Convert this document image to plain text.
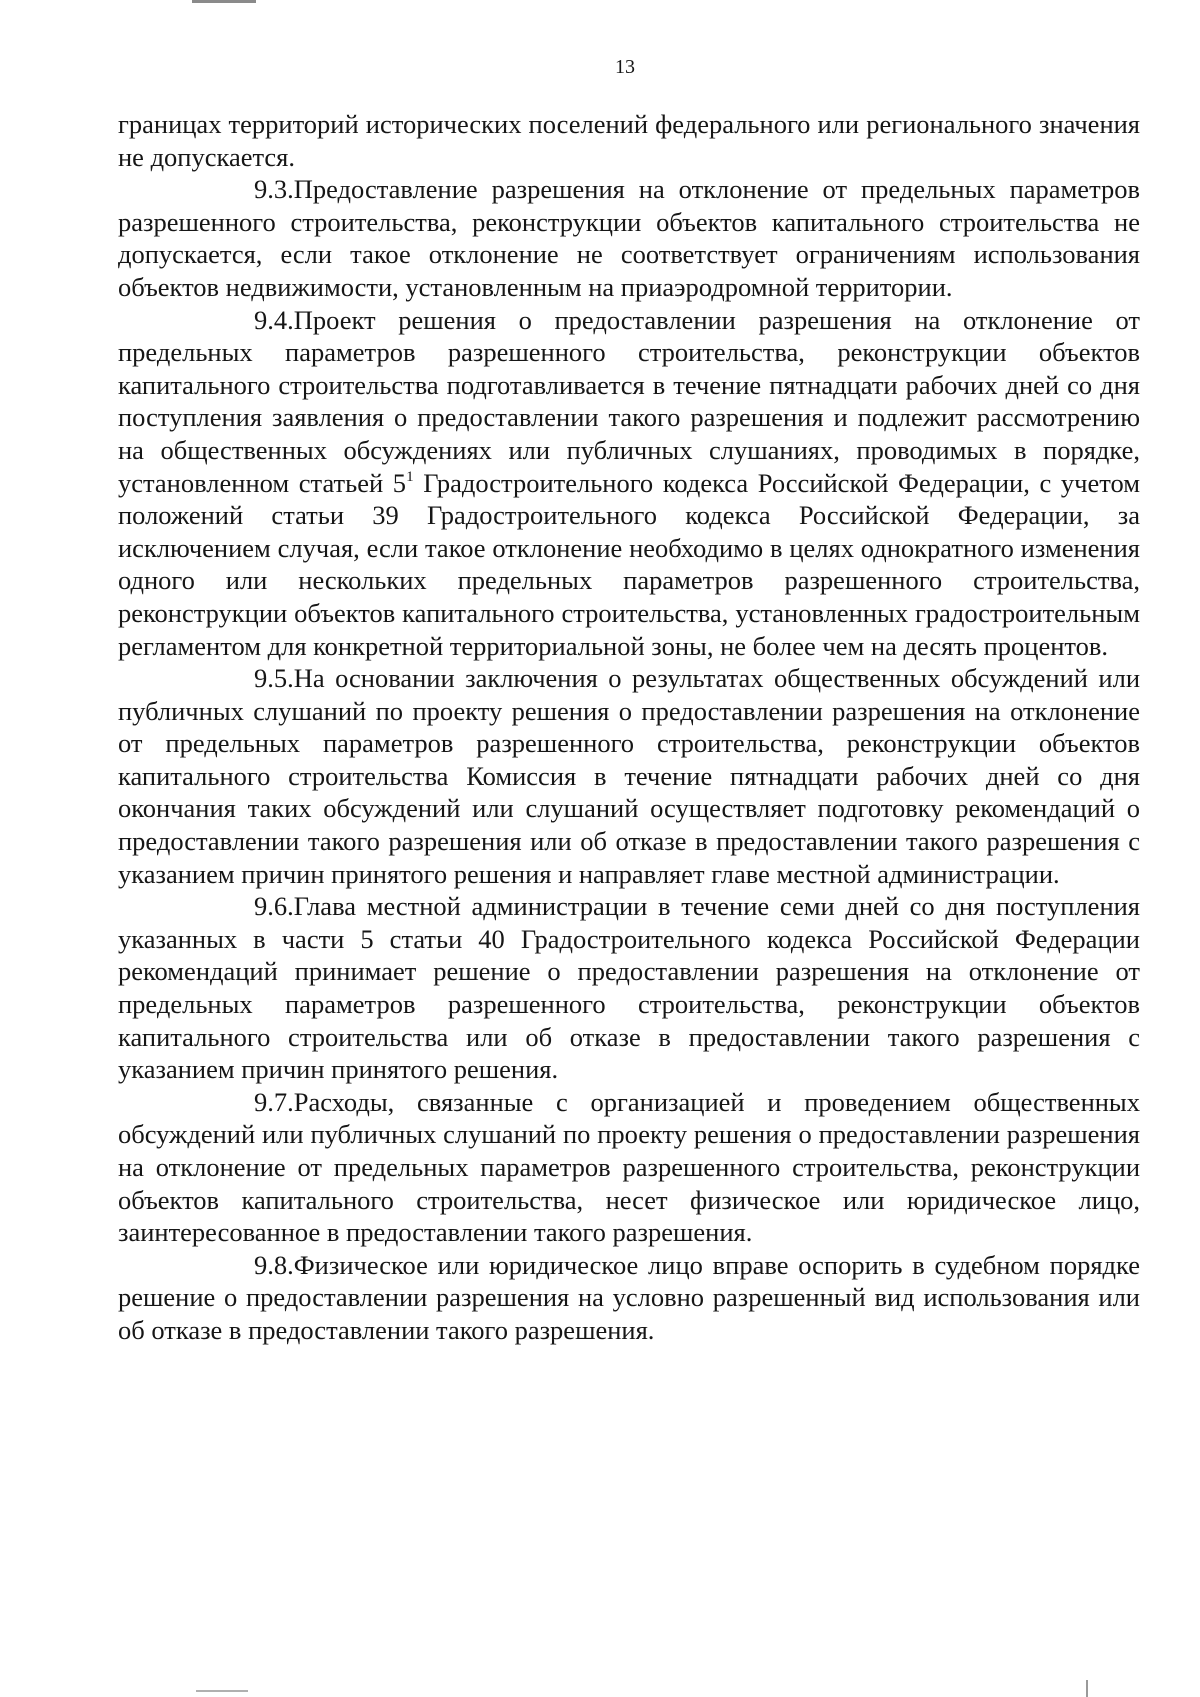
13

границах территорий исторических поселений федерального или регионального значения не допускается.

9.3.Предоставление разрешения на отклонение от предельных параметров разрешенного строительства, реконструкции объектов капитального строительства не допускается, если такое отклонение не соответствует ограничениям использования объектов недвижимости, установленным на приаэродромной территории.

9.4.Проект решения о предоставлении разрешения на отклонение от предельных параметров разрешенного строительства, реконструкции объектов капитального строительства подготавливается в течение пятнадцати рабочих дней со дня поступления заявления о предоставлении такого разрешения и подлежит рассмотрению на общественных обсуждениях или публичных слушаниях, проводимых в порядке, установленном статьей $5^1$ Градостроительного кодекса Российской Федерации, с учетом положений статьи 39 Градостроительного кодекса Российской Федерации, за исключением случая, если такое отклонение необходимо в целях однократного изменения одного или нескольких предельных параметров разрешенного строительства, реконструкции объектов капитального строительства, установленных градостроительным регламентом для конкретной территориальной зоны, не более чем на десять процентов.

9.5.На основании заключения о результатах общественных обсуждений или публичных слушаний по проекту решения о предоставлении разрешения на отклонение от предельных параметров разрешенного строительства, реконструкции объектов капитального строительства Комиссия в течение пятнадцати рабочих дней со дня окончания таких обсуждений или слушаний осуществляет подготовку рекомендаций о предоставлении такого разрешения или об отказе в предоставлении такого разрешения с указанием причин принятого решения и направляет главе местной администрации.

9.6.Глава местной администрации в течение семи дней со дня поступления указанных в части 5 статьи 40 Градостроительного кодекса Российской Федерации рекомендаций принимает решение о предоставлении разрешения на отклонение от предельных параметров разрешенного строительства, реконструкции объектов капитального строительства или об отказе в предоставлении такого разрешения с указанием причин принятого решения.

9.7.Расходы, связанные с организацией и проведением общественных обсуждений или публичных слушаний по проекту решения о предоставлении разрешения на отклонение от предельных параметров разрешенного строительства, реконструкции объектов капитального строительства, несет физическое или юридическое лицо, заинтересованное в предоставлении такого разрешения.

9.8.Физическое или юридическое лицо вправе оспорить в судебном порядке решение о предоставлении разрешения на условно разрешенный вид использования или об отказе в предоставлении такого разрешения.
